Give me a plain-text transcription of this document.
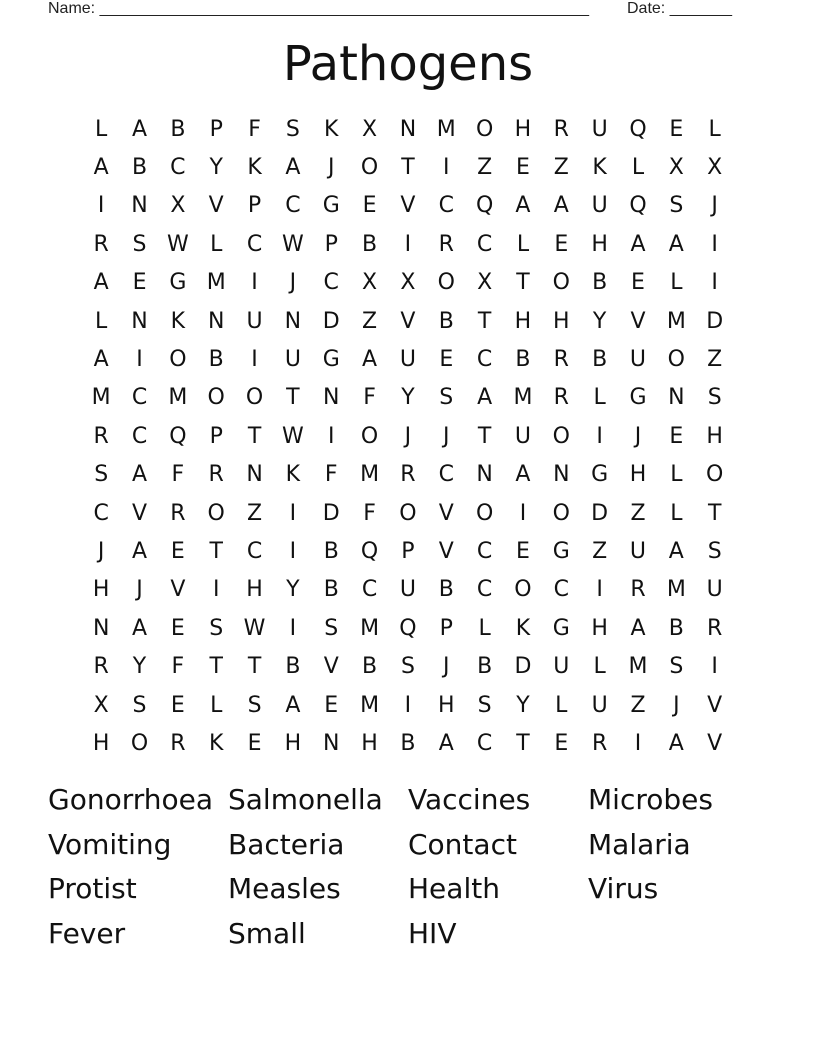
Name: _______________________________________________________ Date: _______
Pathogens
L	A	B	P	F	S	K	X	N M O H	R	U Q	E	L
A	B	C	Y	K	A	J	O	T	I	Z	E	Z	K	L	X	X
I	N	X	V	P	C	G	E	V	C Q	A	A	U Q	S	J
R	S W L	C W P	B	I	R	C	L	E	H	A	A	I
A	E	G M	I	J	C	X	X	O	X	T	O	B	E	L	I
L	N	K	N	U	N D	Z	V	B	T	H H	Y	V M D
A	I	O	B	I	U G	A	U	E	C	B	R	B	U O	Z
M C M O O	T	N	F	Y	S	A M R	L	G N	S
R	C Q	P	T W	I	O	J	J	T	U O	I	J	E	H
S	A	F	R	N	K	F	M R	C	N	A	N G H	L	O
C	V	R	O	Z	I	D	F	O	V	O	I	O D	Z	L	T
J	A	E	T	C	I	B	Q	P	V	C	E	G	Z	U	A	S
H	J	V	I	H	Y	B	C	U	B	C O	C	I	R M U
N	A	E	S W	I	S M Q	P	L	K	G H	A	B	R
R	Y	F	T	T	B	V	B	S	J	B	D U	L	M S	I
X	S	E	L	S	A	E M	I	H	S	Y	L	U	Z	J	V
H O	R	K	E	H N H	B	A	C	T	E	R	I	A	V
Gonorrhoea Salmonella Vaccines	Microbes
Vomiting	Bacteria	Contact	Malaria
Protist	Measles	Health	Virus
Fever	Small	HIV
